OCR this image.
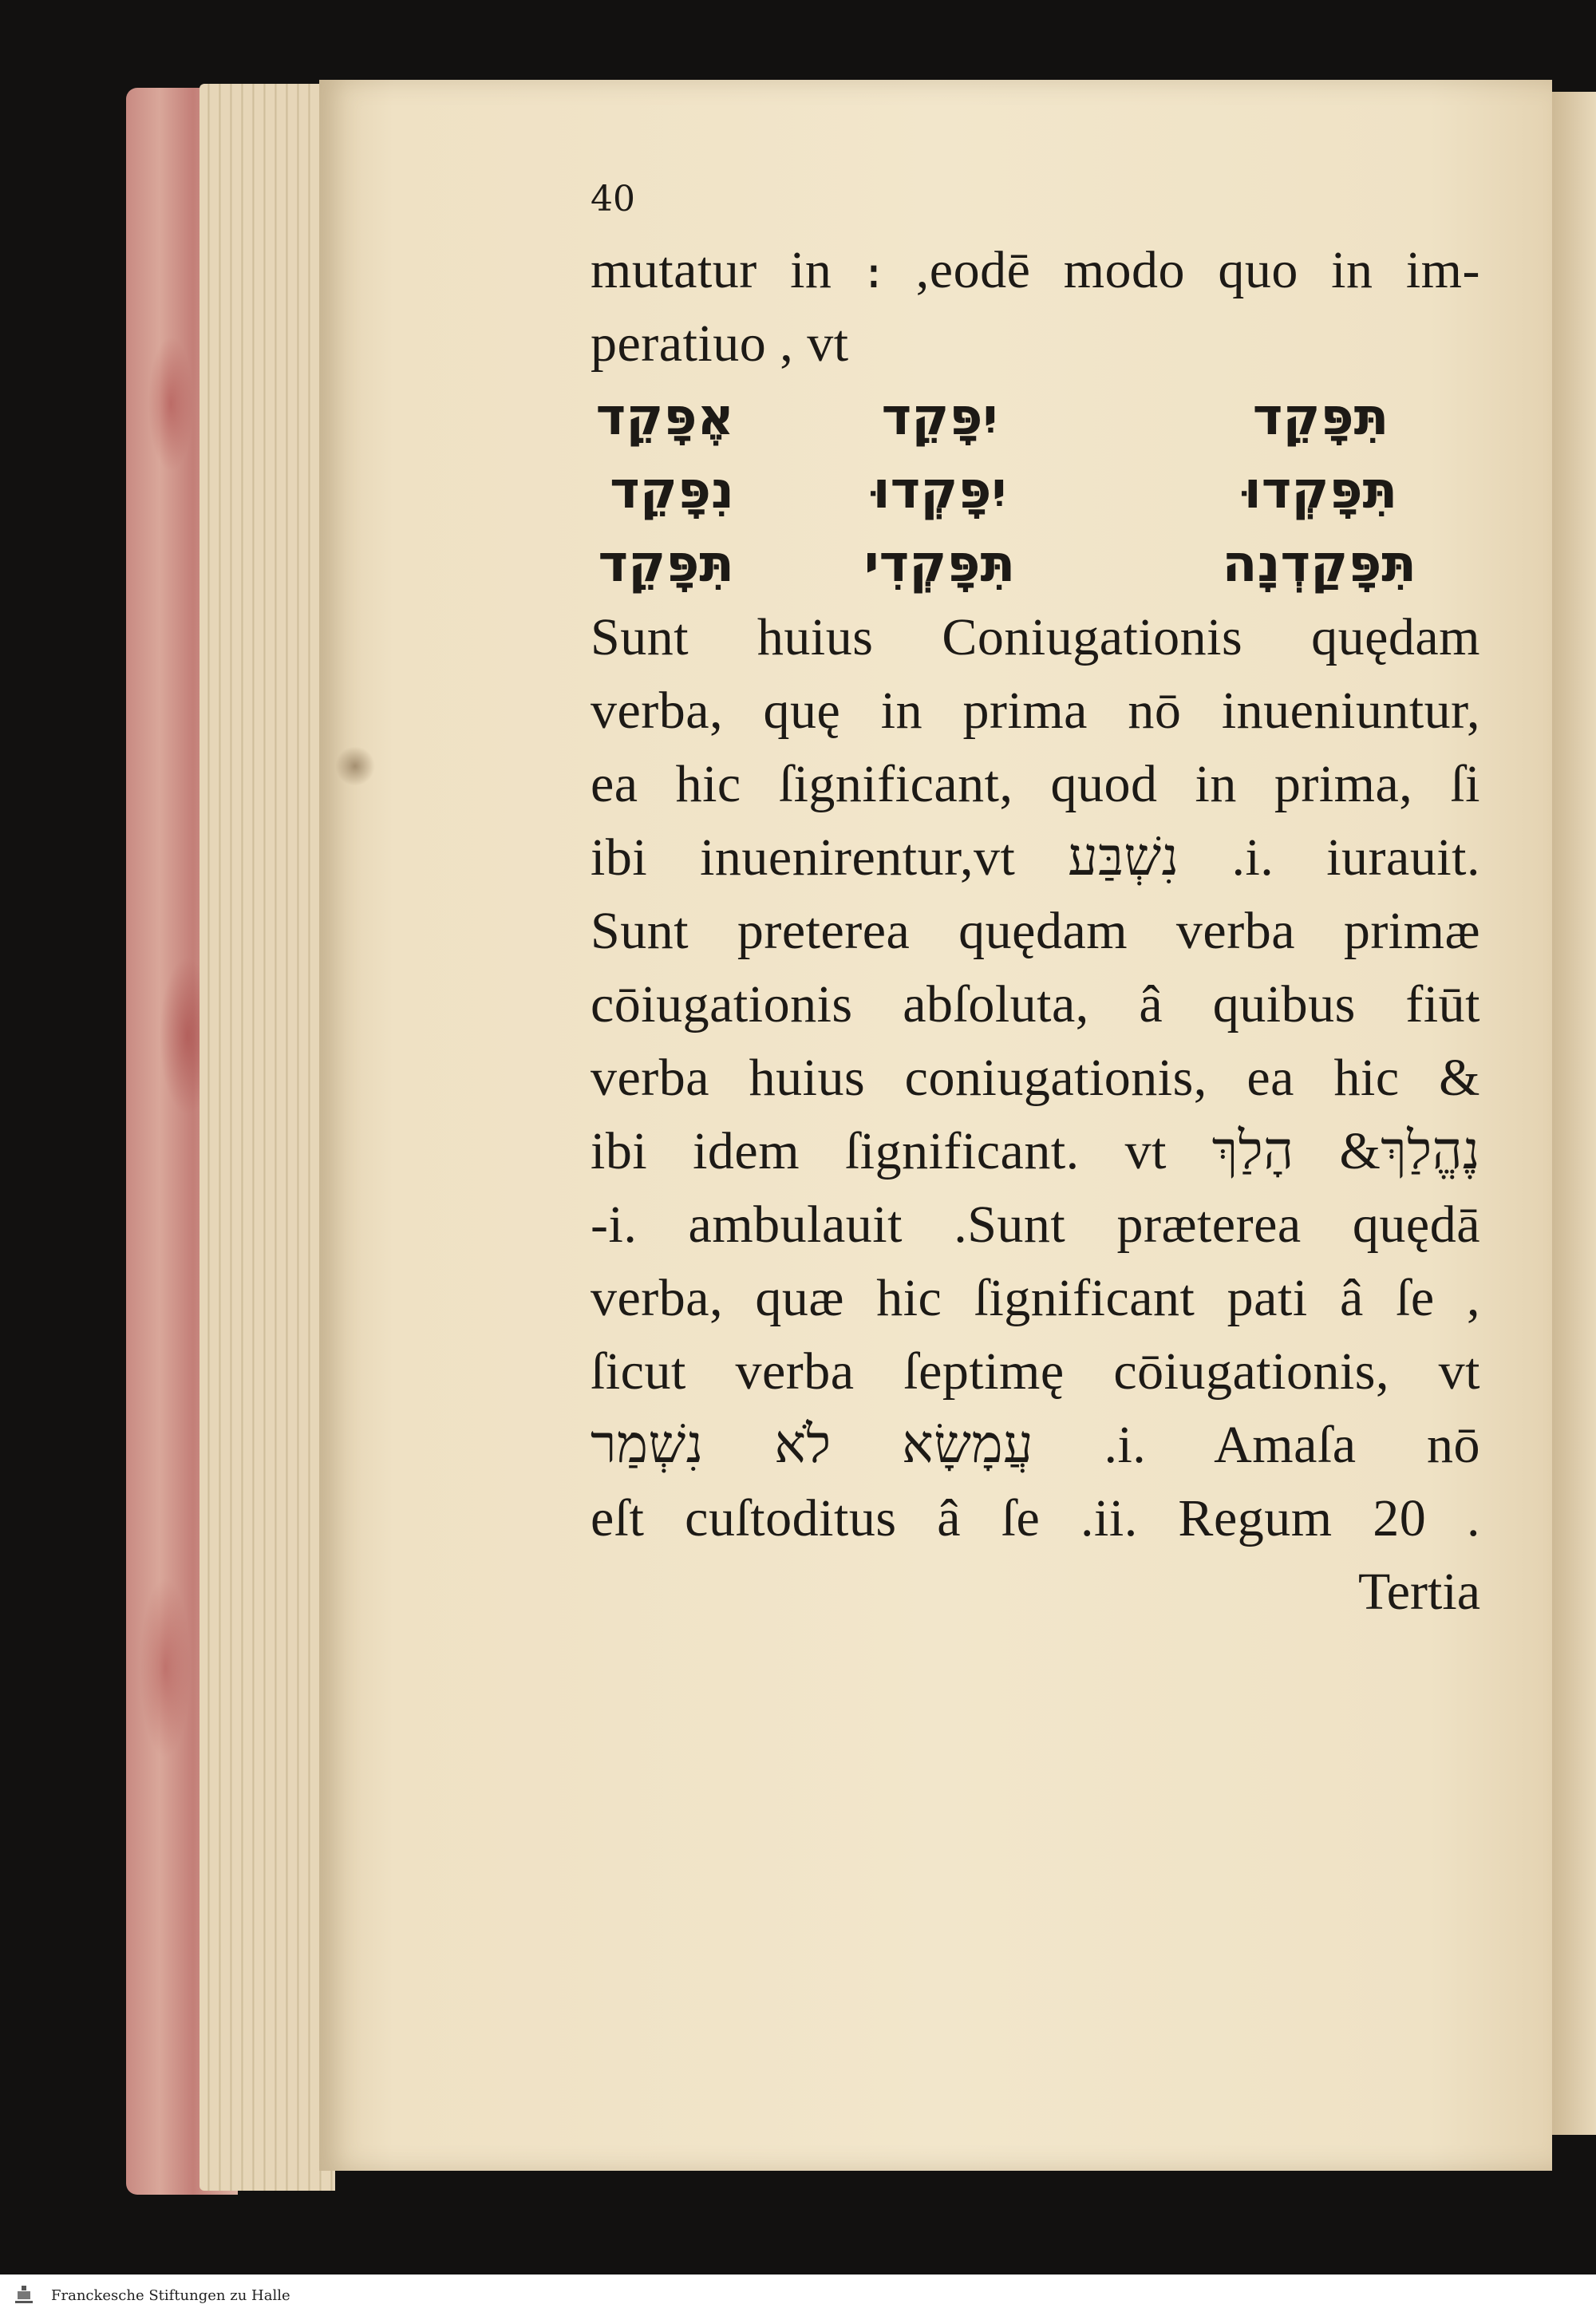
40
mutatur in ։ ,eodē modo quo in im-
peratiuo , vt
אֶפָּקֵד	יִפָּקֵד	תִּפָּקֵד
נִפָּקֵד	יִפָּקְדוּ	תִּפָּקְדוּ
תִּפָּקֵד	תִּפָּקְדִי	תִּפָּקַדְנָה
Sunt huius Coniugationis quędam
verba, quę in prima nō inueniuntur,
ea hic ſignificant, quod in prima, ſi
ibi inuenirentur,vt נִשְׁבַּע .i. iurauit.
Sunt preterea quędam verba primæ
cōiugationis abſoluta, â quibus fiūt
verba huius coniugationis, ea hic &
ibi idem ſignificant. vt נֶהֱלַךְ& הָלַךְ
-i. ambulauit .Sunt præterea quędā
verba, quæ hic ſignificant pati â ſe ,
ſicut verba ſeptimę cōiugationis, vt
עֲמָשָׂא לֹא נִשְׁמַר .i. Amaſa nō
eſt cuſtoditus â ſe .ii. Regum 20 .
Tertia
Franckesche Stiftungen zu Halle
